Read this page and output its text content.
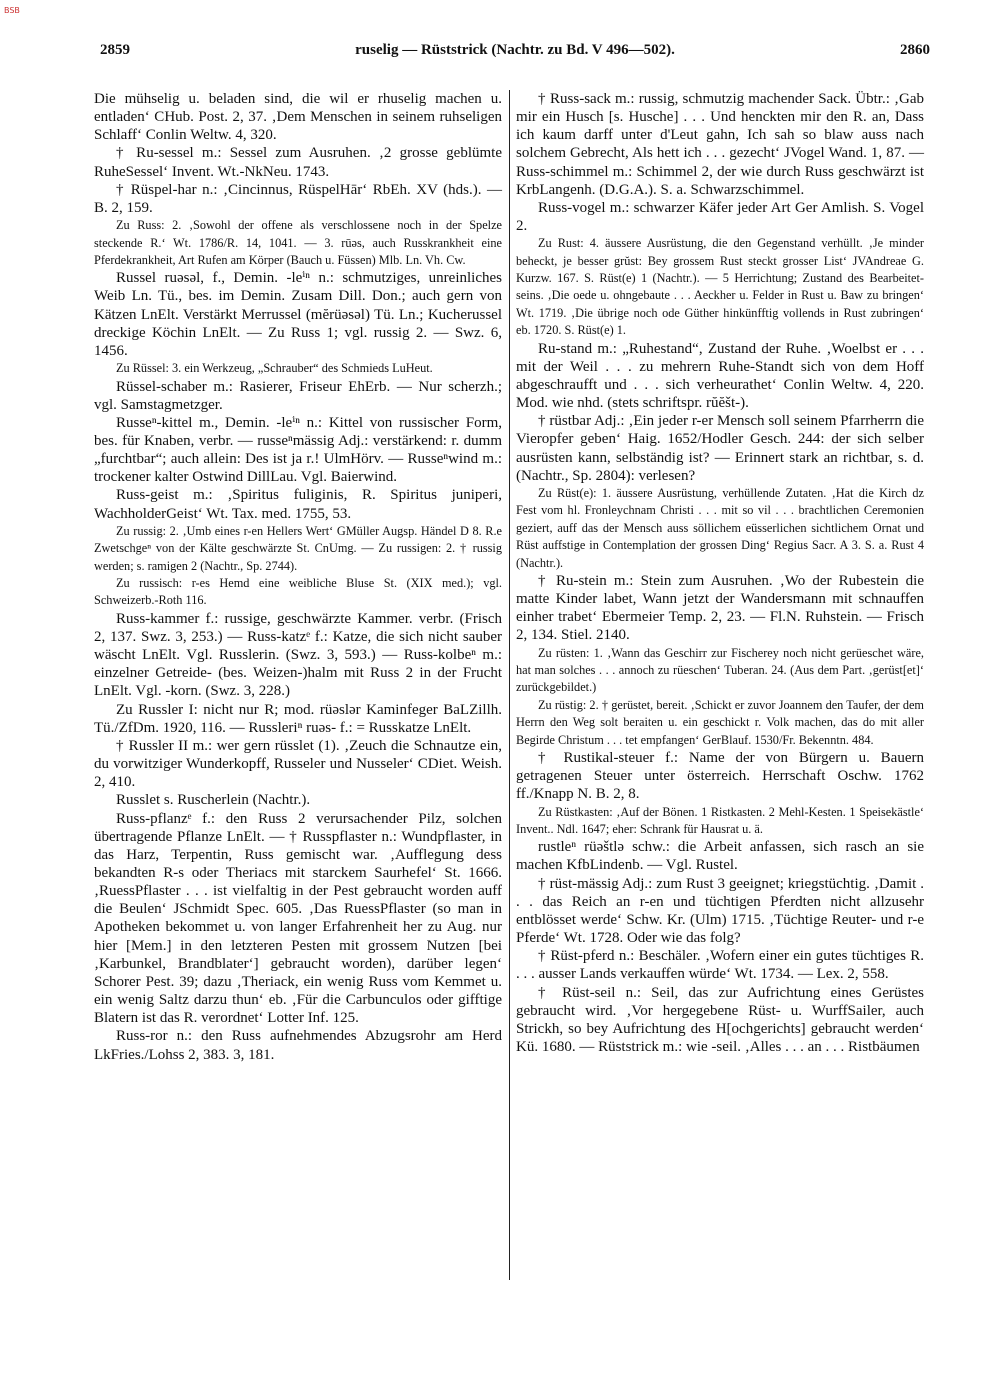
BSB
2859	ruselig — Rüststrick (Nachtr. zu Bd. V 496—502).	2860

Die mühselig u. beladen sind, die wil er rhuselig machen u. entladen‘ CHub. Post. 2, 37. ‚Dem Menschen in seinem ruhseligen Schlaff‘ Conlin Weltw. 4, 320.

† Ru-sessel m.: Sessel zum Ausruhen. ‚2 grosse geblümte RuheSessel‘ Invent. Wt.-NkNeu. 1743.

† Rüspel-har n.: ‚Cincinnus, RüspelHār‘ RbEh. XV (hds.). — B. 2, 159.

Zu Russ: 2. ‚Sowohl der offene als verschlossene noch in der Spelze steckende R.‘ Wt. 1786/R. 14, 1041. — 3. rūəs, auch Russkrankheit eine Pferdekrankheit, Art Rufen am Körper (Bauch u. Füssen) Mlb. Ln. Vh. Cw.

Russel ruəsəl, f., Demin. -leⁱⁿ n.: schmutziges, unreinliches Weib Ln. Tü., bes. im Demin. Zusam Dill. Don.; auch gern von Kätzen LnElt. Verstärkt Merrussel (mĕrüəsəl) Tü. Ln.; Kucherussel dreckige Köchin LnElt. — Zu Russ 1; vgl. russig 2. — Swz. 6, 1456.

Zu Rüssel: 3. ein Werkzeug, „Schrauber“ des Schmieds LuHeut.

Rüssel-schaber m.: Rasierer, Friseur EhErb. — Nur scherzh.; vgl. Samstagmetzger.

Russeⁿ-kittel m., Demin. -leⁱⁿ n.: Kittel von russischer Form, bes. für Knaben, verbr. — russeⁿmässig Adj.: verstärkend: r. dumm „furchtbar“; auch allein: Des ist ja r.! UlmHörv. — Russeⁿwind m.: trockener kalter Ostwind DillLau. Vgl. Baierwind.

Russ-geist m.: ‚Spiritus fuliginis, R. Spiritus juniperi, WachholderGeist‘ Wt. Tax. med. 1755, 53.

Zu russig: 2. ‚Umb eines r-en Hellers Wert‘ GMüller Augsp. Händel D 8. R.e Zwetschgeⁿ von der Kälte geschwärzte St. CnUmg. — Zu russigen: 2. † russig werden; s. ramigen 2 (Nachtr., Sp. 2744).

Zu russisch: r-es Hemd eine weibliche Bluse St. (XIX med.); vgl. Schweizerb.-Roth 116.

Russ-kammer f.: russige, geschwärzte Kammer. verbr. (Frisch 2, 137. Swz. 3, 253.) — Russ-katzᵉ f.: Katze, die sich nicht sauber wäscht LnElt. Vgl. Russlerin. (Swz. 3, 593.) — Russ-kolbeⁿ m.: einzelner Getreide- (bes. Weizen-)halm mit Russ 2 in der Frucht LnElt. Vgl. -korn. (Swz. 3, 228.)

Zu Russler I: nicht nur R; mod. rüəslər Kaminfeger BaLZillh. Tü./ZfDm. 1920, 116. — Russleriⁿ ruəs- f.: = Russkatze LnElt.

† Russler II m.: wer gern rüsslet (1). ‚Zeuch die Schnautze ein, du vorwitziger Wunderkopff, Russeler und Nusseler‘ CDiet. Weish. 2, 410.

Russlet s. Ruscherlein (Nachtr.).

Russ-pflanzᵉ f.: den Russ 2 verursachender Pilz, solchen übertragende Pflanze LnElt. — † Russpflaster n.: Wundpflaster, in das Harz, Terpentin, Russ gemischt war. ‚Aufflegung dess bekandten R-s oder Theriacs mit starckem Saurhefel‘ St. 1666. ‚RuessPflaster . . . ist vielfaltig in der Pest gebraucht worden auff die Beulen‘ JSchmidt Spec. 605. ‚Das RuessPflaster (so man in Apotheken bekommet u. von langer Erfahrenheit her zu Aug. nur hier [Mem.] in den letzteren Pesten mit grossem Nutzen [bei ‚Karbunkel, Brandblater‘] gebraucht worden), darüber legen‘ Schorer Pest. 39; dazu ‚Theriack, ein wenig Russ vom Kemmet u. ein wenig Saltz darzu thun‘ eb. ‚Für die Carbunculos oder gifftige Blatern ist das R. verordnet‘ Lotter Inf. 125.

Russ-ror n.: den Russ aufnehmendes Abzugsrohr am Herd LkFries./Lohss 2, 383. 3, 181.

† Russ-sack m.: russig, schmutzig machender Sack. Übtr.: ‚Gab mir ein Husch [s. Husche] . . . Und henckten mir den R. an, Dass ich kaum darff unter d'Leut gahn, Ich sah so blaw auss nach solchem Gebrecht, Als hett ich . . . gezecht‘ JVogel Wand. 1, 87. — Russ-schimmel m.: Schimmel 2, der wie durch Russ geschwärzt ist KrbLangenh. (D.G.A.). S. a. Schwarzschimmel.

Russ-vogel m.: schwarzer Käfer jeder Art Ger Amlish. S. Vogel 2.

Zu Rust: 4. äussere Ausrüstung, die den Gegenstand verhüllt. ‚Je minder beheckt, je besser grŭst: Bey grossem Rust steckt grosser List‘ JVAndreae G. Kurzw. 167. S. Rüst(e) 1 (Nachtr.). — 5 Herrichtung; Zustand des Bearbeitet-seins. ‚Die oede u. ohngebaute . . . Aeckher u. Felder in Rust u. Baw zu bringen‘ Wt. 1719. ‚Die übrige noch ode Güther hinkünfftig vollends in Rust zubringen‘ eb. 1720. S. Rüst(e) 1.

Ru-stand m.: „Ruhestand“, Zustand der Ruhe. ‚Woelbst er . . . mit der Weil . . . zu mehrern Ruhe-Standt sich von dem Hoff abgeschraufft und . . . sich verheurathet‘ Conlin Weltw. 4, 220. Mod. wie nhd. (stets schriftspr. rŭĕšt-).

† rüstbar Adj.: ‚Ein jeder r-er Mensch soll seinem Pfarrherrn die Vieropfer geben‘ Haig. 1652/Hodler Gesch. 244: der sich selber ausrüsten kann, selbständig ist? — Erinnert stark an richtbar, s. d. (Nachtr., Sp. 2804): verlesen?

Zu Rüst(e): 1. äussere Ausrüstung, verhüllende Zutaten. ‚Hat die Kirch dz Fest vom hl. Fronleychnam Christi . . . mit so vil . . . brachtlichen Ceremonien geziert, auff das der Mensch auss söllichem eüsserlichen sichtlichem Ornat und Rüst auffstige in Contemplation der grossen Ding‘ Regius Sacr. A 3. S. a. Rust 4 (Nachtr.).

† Ru-stein m.: Stein zum Ausruhen. ‚Wo der Rubestein die matte Kinder labet, Wann jetzt der Wandersmann mit schnauffen einher trabet‘ Ebermeier Temp. 2, 23. — Fl.N. Ruhstein. — Frisch 2, 134. Stiel. 2140.

Zu rüsten: 1. ‚Wann das Geschirr zur Fischerey noch nicht gerüeschet wäre, hat man solches . . . annoch zu rüeschen‘ Tuberan. 24. (Aus dem Part. ‚gerüst[et]‘ zurückgebildet.)

Zu rüstig: 2. † gerüstet, bereit. ‚Schickt er zuvor Joannem den Taufer, der dem Herrn den Weg solt beraiten u. ein geschickt r. Volk machen, das do mit aller Begirde Christum . . . tet empfangen‘ GerBlauf. 1530/Fr. Bekenntn. 484.

† Rustikal-steuer f.: Name der von Bürgern u. Bauern getragenen Steuer unter österreich. Herrschaft Oschw. 1762 ff./Knapp N. B. 2, 8.

Zu Rüstkasten: ‚Auf der Bönen. 1 Ristkasten. 2 Mehl-Kesten. 1 Speisekästle‘ Invent.. Ndl. 1647; eher: Schrank für Hausrat u. ä.

rustleⁿ rüəštlə schw.: die Arbeit anfassen, sich rasch an sie machen KfbLindenb. — Vgl. Rustel.

† rüst-mässig Adj.: zum Rust 3 geeignet; kriegstüchtig. ‚Damit . . . das Reich an r-en und tüchtigen Pferdten nicht allzusehr entblösset werde‘ Schw. Kr. (Ulm) 1715. ‚Tüchtige Reuter- und r-e Pferde‘ Wt. 1728. Oder wie das folg?

† Rüst-pferd n.: Beschäler. ‚Wofern einer ein gutes tüchtiges R. . . . ausser Lands verkauffen würde‘ Wt. 1734. — Lex. 2, 558.

† Rüst-seil n.: Seil, das zur Aufrichtung eines Gerüstes gebraucht wird. ‚Vor hergegebene Rüst- u. WurffSailer, auch Strickh, so bey Aufrichtung des H[ochgerichts] gebraucht werden‘ Kü. 1680. — Rüststrick m.: wie -seil. ‚Alles . . . an . . . Ristbäumen
